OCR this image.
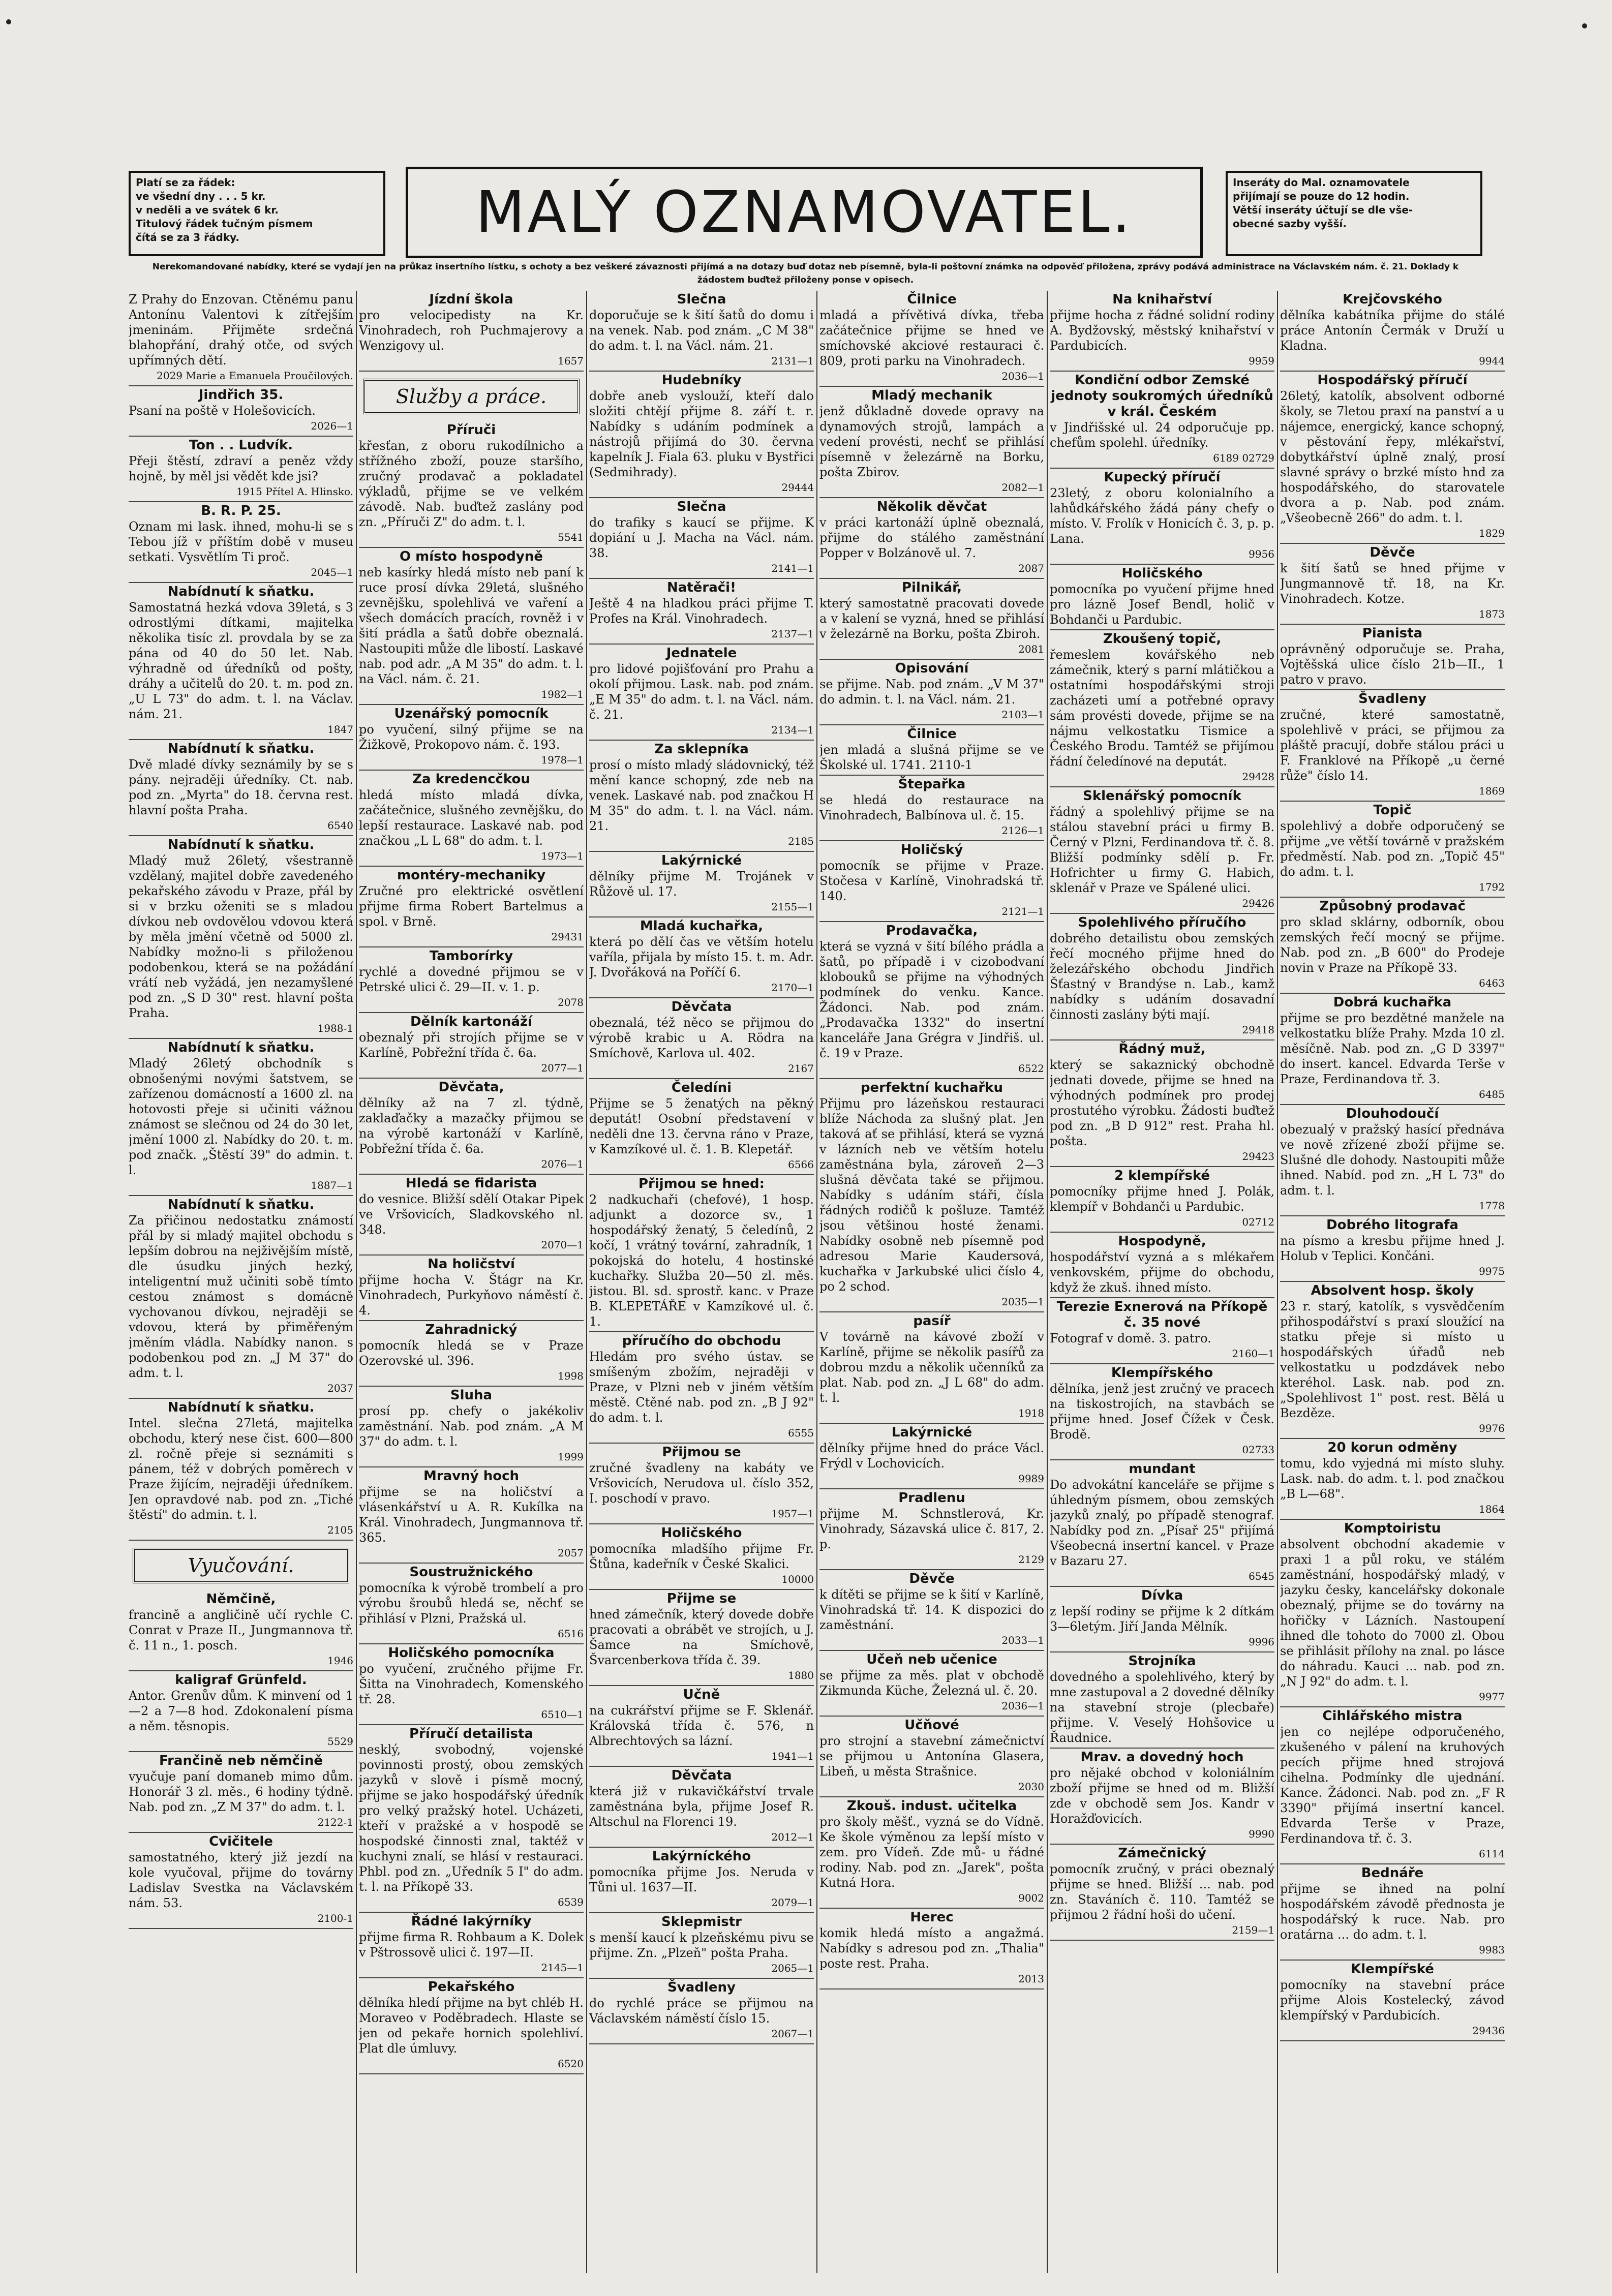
Platí se za řádek:
ve všední dny . . . 5 kr.
v neděli a ve svátek 6 kr.
Titulový řádek tučným písmem
čítá se za 3 řádky.	MALÝ OZNAMOVATEL.	Inseráty do Mal. oznamovatele
přijímají se pouze do 12 hodin.
Větší inseráty účtují se dle vše-
obecné sazby vyšší.
Nerekomandované nabídky, které se vydají jen na průkaz insertního lístku, s ochoty a bez veškeré závaznosti přijímá a na dotazy buď dotaz neb písemně, byla-li poštovní známka na odpověď přiložena, zprávy podává administrace na Václavském nám. č. 21. Doklady k žádostem buďtež přiloženy ponse v opisech.

Z Prahy do Enzovan. Ctěnému panu Antonínu Valentovi k zítřejším jmeninám. Přijměte srdečná blahopřání, drahý otče, od svých upřímných dětí.

2029 Marie a Emanuela Proučilových.

Jindřich 35.

Psaní na poště v Holešovicích.

2026—1

Ton . . Ludvík.

Přeji štěstí, zdraví a peněz vždy hojně, by měl jsi vědět kde jsi?

1915 Přítel A. Hlinsko.

B. R. P. 25.

Oznam mi lask. ihned, mohu-li se s Tebou jíž v příštím době v museu setkati. Vysvětlím Ti proč.

2045—1

Nabídnutí k sňatku.

Samostatná hezká vdova 39letá, s 3 odrostlými dítkami, majitelka několika tisíc zl. provdala by se za pána od 40 do 50 let. Nab. výhradně od úředníků od pošty, dráhy a učitelů do 20. t. m. pod zn. „U L 73" do adm. t. l. na Václav. nám. 21.

1847

Nabídnutí k sňatku.

Dvě mladé dívky seznámily by se s pány. nejraději úředníky. Ct. nab. pod zn. „Myrta" do 18. června rest. hlavní pošta Praha.

6540

Nabídnutí k sňatku.

Mladý muž 26letý, všestranně vzdělaný, majitel dobře zavedeného pekařského závodu v Praze, přál by si v brzku oženiti se s mladou dívkou neb ovdovělou vdovou která by měla jmění včetně od 5000 zl. Nabídky možno-li s přiloženou podobenkou, která se na požádání vrátí neb vyžádá, jen nezamyšlené pod zn. „S D 30" rest. hlavní pošta Praha.

1988-1

Nabídnutí k sňatku.

Mladý 26letý obchodník s obnošenými novými šatstvem, se zařízenou domácností a 1600 zl. na hotovosti přeje si učiniti vážnou známost se slečnou od 24 do 30 let, jmění 1000 zl. Nabídky do 20. t. m. pod značk. „Štěstí 39" do admin. t. l.

1887—1

Nabídnutí k sňatku.

Za přičinou nedostatku známostí přál by si mladý majitel obchodu s lepším dobrou na nejživějším místě, dle úsudku jiných hezký, inteligentní muž učiniti sobě tímto cestou známost s domácně vychovanou dívkou, nejraději se vdovou, která by přiměřeným jměním vládla. Nabídky nanon. s podobenkou pod zn. „J M 37" do adm. t. l.

2037

Nabídnutí k sňatku.

Intel. slečna 27letá, majitelka obchodu, který nese čist. 600—800 zl. ročně přeje si seznámiti s pánem, též v dobrých poměrech v Praze žijícím, nejraději úředníkem. Jen opravdové nab. pod zn. „Tiché štěstí" do admin. t. l.

2105

Vyučování.
Němčině,

francině a angličině učí rychle C. Conrat v Praze II., Jungmannova tř. č. 11 n., 1. posch.

1946

kaligraf Grünfeld.

Antor. Grenův dům. K minvení od 1—2 a 7—8 hod. Zdokonalení písma a něm. těsnopis.

5529

Frančině neb němčině

vyučuje paní domaneb mimo dům. Honorář 3 zl. měs., 6 hodiny týdně. Nab. pod zn. „Z M 37" do adm. t. l.

2122-1

Cvičitele

samostatného, který již jezdí na kole vyučoval, přijme do továrny Ladislav Svestka na Václavském nám. 53.

2100-1

Jízdní škola

pro velocipedisty na Kr. Vinohradech, roh Puchmajerovy a Wenzigovy ul.

1657

Služby a práce.
Příruči

křesťan, z oboru rukodílnicho a střížného zboží, pouze staršího, zručný prodavač a pokladatel výkladů, přijme se ve velkém závodě. Nab. buďtež zaslány pod zn. „Příruči Z" do adm. t. l.

5541

O místo hospodyně

neb kasírky hledá místo neb paní k ruce prosí dívka 29letá, slušného zevnějšku, spolehlivá ve vaření a všech domácích pracích, rovněž i v šití prádla a šatů dobře obeznalá. Nastoupiti může dle libostí. Laskavé nab. pod adr. „A M 35" do adm. t. l. na Václ. nám. č. 21.

1982—1

Uzenářský pomocník

po vyučení, silný přijme se na Žižkově, Prokopovo nám. č. 193.

1978—1

Za kredencčkou

hledá místo mladá dívka, začátečnice, slušného zevnějšku, do lepší restaurace. Laskavé nab. pod značkou „L L 68" do adm. t. l.

1973—1

montéry-mechaniky

Zručné pro elektrické osvětlení přijme firma Robert Bartelmus a spol. v Brně.

29431

Tamborírky

rychlé a dovedné přijmou se v Petrské ulici č. 29—II. v. 1. p.

2078

Dělník kartonáží

obeznalý při strojích přijme se v Karlíně, Pobřežní třída č. 6a.

2077—1

Děvčata,

dělníky až na 7 zl. týdně, zaklaďačky a mazačky přijmou se na výrobě kartonáží v Karlíně, Pobřežní třída č. 6a.

2076—1

Hledá se fidarista

do vesnice. Bližší sdělí Otakar Pipek ve Vršovicích, Sladkovského nl. 348.

2070—1

Na holičství

přijme hocha V. Štágr na Kr. Vinohradech, Purkyňovo náměstí č. 4.

Zahradnický

pomocník hledá se v Praze Ozerovské ul. 396.

1998

Sluha

prosí pp. chefy o jakékoliv zaměstnání. Nab. pod znám. „A M 37" do adm. t. l.

1999

Mravný hoch

přijme se na holičství a vlásenkářství u A. R. Kukílka na Král. Vinohradech, Jungmannova tř. 365.

2057

Soustružnického

pomocníka k výrobě trombelí a pro výrobu šroubů hledá se, něchť se přihlásí v Plzni, Pražská ul.

6516

Holičského pomocníka

po vyučení, zručného přijme Fr. Šitta na Vinohradech, Komenského tř. 28.

6510—1

Příručí detailista

nesklý, svobodný, vojenské povinnosti prostý, obou zemských jazyků v slově i písmě mocný, přijme se jako hospodářský úředník pro velký pražský hotel. Ucházeti, kteří v pražské a v hospodě se hospodské činnosti znal, taktéž v kuchyni znalí, se hlásí v restauraci. Phbl. pod zn. „Uředník 5 I" do adm. t. l. na Příkopě 33.

6539

Řádné lakýrníky

přijme firma R. Rohbaum a K. Dolek v Pštrossově ulici č. 197—II.

2145—1

Pekařského

dělníka hledí přijme na byt chléb H. Moraveo v Poděbradech. Hlaste se jen od pekaře hornich spolehliví. Plat dle úmluvy.

6520

Slečna

doporučuje se k šití šatů do domu i na venek. Nab. pod znám. „C M 38" do adm. t. l. na Václ. nám. 21.

2131—1

Hudebníky

dobře aneb vyslouží, kteří dalo složiti chtějí přijme 8. září t. r. Nabídky s udáním podmínek a nástrojů přijímá do 30. června kapelník J. Fiala 63. pluku v Bystřici (Sedmihrady).

29444

Slečna

do trafiky s kaucí se přijme. K dopiání u J. Macha na Václ. nám. 38.

2141—1

Natěrači!

Ještě 4 na hladkou práci přijme T. Profes na Král. Vinohradech.

2137—1

Jednatele

pro lidové pojišťování pro Prahu a okolí přijmou. Lask. nab. pod znám. „E M 35" do adm. t. l. na Václ. nám. č. 21.

2134—1

Za sklepníka

prosí o místo mladý sládovnický, též mění kance schopný, zde neb na venek. Laskavé nab. pod značkou H M 35" do adm. t. l. na Václ. nám. 21.

2185

Lakýrnické

dělníky přijme M. Trojánek v Růžově ul. 17.

2155—1

Mladá kuchařka,

která po dělí čas ve větším hotelu vaříla, přijala by místo 15. t. m. Adr. J. Dvořáková na Poříčí 6.

2170—1

Děvčata

obeznalá, též něco se přijmou do výrobě krabic u A. Rödra na Smíchově, Karlova ul. 402.

2167

Čeledíni

Přijme se 5 ženatých na pěkný deputát! Osobní představení v neděli dne 13. června ráno v Praze, v Kamzíkové ul. č. 1. B. Klepetář.

6566

Přijmou se hned:

2 nadkuchaři (chefové), 1 hosp. adjunkt a dozorce sv., 1 hospodářský ženatý, 5 čeledínů, 2 kočí, 1 vrátný tovární, zahradník, 1 pokojská do hotelu, 4 hostinské kuchařky. Služba 20—50 zl. měs. jistou. Bl. sd. sprostř. kanc. v Praze B. KLEPETÁŘE v Kamzíkové ul. č. 1.

příručího do obchodu

Hledám pro svého ústav. se smíšeným zbožím, nejraději v Praze, v Plzni neb v jiném větším městě. Ctěné nab. pod zn. „B J 92" do adm. t. l.

6555

Přijmou se

zručné švadleny na kabáty ve Vršovicích, Nerudova ul. číslo 352, I. poschodí v pravo.

1957—1

Holičského

pomocníka mladšího přijme Fr. Štůna, kadeřník v České Skalici.

10000

Přijme se

hned zámečník, který dovede dobře pracovati a obrábět ve strojích, u J. Šamce na Smíchově, Švarcenberkova třída č. 39.

1880

Učně

na cukrářství přijme se F. Sklenář. Královská třída č. 576, n Albrechtových sa lázní.

1941—1

Děvčata

která již v rukavičkářství trvale zaměstnána byla, přijme Josef R. Altschul na Florenci 19.

2012—1

Lakýrníckého

pomocníka přijme Jos. Neruda v Tůni ul. 1637—II.

2079—1

Sklepmistr

s menší kaucí k plzeňskému pivu se přijme. Zn. „Plzeň" pošta Praha.

2065—1

Švadleny

do rychlé práce se přijmou na Václavském náměstí číslo 15.

2067—1

Čilnice

mladá a přívětivá dívka, třeba začátečnice přijme se hned ve smíchovské akciové restauraci č. 809, proti parku na Vinohradech.

2036—1

Mladý mechanik

jenž důkladně dovede opravy na dynamových strojů, lampách a vedení provésti, nechť se přihlásí písemně v železárně na Borku, pošta Zbirov.

2082—1

Několik děvčat

v práci kartonáží úplně obeznalá, přijme do stálého zaměstnání Popper v Bolzánově ul. 7.

2087

Pilnikář,

který samostatně pracovati dovede a v kalení se vyzná, hned se přihlásí v železárně na Borku, pošta Zbiroh.

2081

Opisování

se přijme. Nab. pod znám. „V M 37" do admin. t. l. na Václ. nám. 21.

2103—1

Čilnice

jen mladá a slušná přijme se ve Školské ul. 1741. 2110-1

Štepařka

se hledá do restaurace na Vinohradech, Balbínova ul. č. 15.

2126—1

Holičský

pomocník se přijme v Praze. Stočesa v Karlíně, Vinohradská tř. 140.

2121—1

Prodavačka,

která se vyzná v šití bílého prádla a šatů, po případě i v cizobodvaní klobouků se přijme na výhodných podmínek do venku. Kance. Žádonci. Nab. pod znám. „Prodavačka 1332" do insertní kanceláře Jana Grégra v Jindřiš. ul. č. 19 v Praze.

6522

perfektní kuchařku

Přijmu pro lázeňskou restauraci blíže Náchoda za slušný plat. Jen taková ať se přihlásí, která se vyzná v lázních neb ve větším hotelu zaměstnána byla, zároveň 2—3 slušná děvčata také se přijmou. Nabídky s udáním stáři, čísla řádných rodičů k pošluze. Tamtéž jsou většinou hosté ženami. Nabídky osobně neb písemně pod adresou Marie Kaudersová, kuchařka v Jarkubské ulici číslo 4, po 2 schod.

2035—1

pasíř

V továrně na kávové zboží v Karlíně, přijme se několik pasířů za dobrou mzdu a několik učenníků za plat. Nab. pod zn. „J L 68" do adm. t. l.

1918

Lakýrnické

dělníky přijme hned do práce Václ. Frýdl v Lochovicích.

9989

Pradlenu

přijme M. Schnstlerová, Kr. Vinohrady, Sázavská ulice č. 817, 2. p.

2129

Děvče

k dítěti se přijme se k šití v Karlíně, Vinohradská tř. 14. K dispozici do zaměstnání.

2033—1

Učeň neb učenice

se přijme za měs. plat v obchodě Zikmunda Küche, Železná ul. č. 20.

2036—1

Učňové

pro strojní a stavební zámečnictví se přijmou u Antonína Glasera, Libeň, u města Strašnice.

2030

Zkouš. indust. učitelka

pro školy měšť., vyzná se do Vídně. Ke škole výměnou za lepší místo v zem. pro Vídeň. Zde mů- u řádné rodiny. Nab. pod zn. „Jarek", pošta Kutná Hora.

9002

Herec

komik hledá místo a angažmá. Nabídky s adresou pod zn. „Thalia" poste rest. Praha.

2013

Na knihařství

přijme hocha z řádné solidní rodiny A. Bydžovský, městský knihařství v Pardubicích.

9959

Kondiční odbor Zemské jednoty soukromých úředníků v král. Českém

v Jindřišské ul. 24 odporučuje pp. chefům spolehl. úředníky.

6189 02729

Kupecký příručí

23letý, z oboru kolonialního a lahůdkářského žádá pány chefy o místo. V. Frolík v Honicích č. 3, p. p. Lana.

9956

Holičského

pomocníka po vyučení přijme hned pro lázně Josef Bendl, holič v Bohdanči u Pardubic.

Zkoušený topič,

řemeslem kovářského neb zámečnik, který s parní mlátičkou a ostatními hospodářskými stroji zacházeti umí a potřebné opravy sám provésti dovede, přijme se na nájmu velkostatku Tismice a Českého Brodu. Tamtéž se přijímou řádní čeledínové na deputát.

29428

Sklenářský pomocník

řádný a spolehlivý přijme se na stálou stavební práci u firmy B. Černý v Plzni, Ferdinandova tř. č. 8. Bližší podmínky sdělí p. Fr. Hofrichter u firmy G. Habich, sklenář v Praze ve Spálené ulici.

29426

Spolehlivého příručího

dobrého detailistu obou zemských řečí mocného přijme hned do železářského obchodu Jindřich Šťastný v Brandýse n. Lab., kamž nabídky s udáním dosavadní činnosti zaslány býti mají.

29418

Řádný muž,

který se sakaznický obchodně jednati dovede, přijme se hned na výhodných podmínek pro prodej prostutého výrobku. Žádosti buďtež pod zn. „B D 912" rest. Praha hl. pošta.

29423

2 klempířské

pomocníky přijme hned J. Polák, klempíř v Bohdanči u Pardubic.

02712

Hospodyně,

hospodářství vyzná a s mlékařem venkovském, přijme do obchodu, když že zkuš. ihned místo.

Terezie Exnerová na Příkopě č. 35 nové

Fotograf v domě. 3. patro.

2160—1

Klempířského

dělníka, jenž jest zručný ve pracech na tiskostrojích, na stavbách se přijme hned. Josef Čížek v Česk. Brodě.

02733

mundant

Do advokátní kanceláře se přijme s úhledným písmem, obou zemských jazyků znalý, po případě stenograf. Nabídky pod zn. „Písař 25" přijímá Všeobecná insertní kancel. v Praze v Bazaru 27.

6545

Dívka

z lepší rodiny se přijme k 2 dítkám 3—6letým. Jiří Janda Mělník.

9996

Strojníka

dovedného a spolehlivého, který by mne zastupoval a 2 dovedné dělníky na stavební stroje (plecbaře) přijme. V. Veselý Hohšovice u Řaudnice.

Mrav. a dovedný hoch

pro nějaké obchod v koloniálním zboží přijme se hned od m. Bližší zde v obchodě sem Jos. Kandr v Horažďovicích.

9990

Zámečnický

pomocník zručný, v práci obeznalý přijme se hned. Bližší ... nab. pod zn. Staváních č. 110. Tamtéž se přijmou 2 řádní hoši do učení.

2159—1

Krejčovského

dělníka kabátníka přijme do stálé práce Antonín Čermák v Druží u Kladna.

9944

Hospodářský příručí

26letý, katolík, absolvent odborné školy, se 7letou praxí na panství a u nájemce, energický, kance schopný, v pěstování řepy, mlékařství, dobytkářství úplně znalý, prosí slavné správy o brzké místo hnd za hospodářského, do starovatele dvora a p. Nab. pod znám. „Všeobecně 266" do adm. t. l.

1829

Děvče

k šití šatů se hned přijme v Jungmannově tř. 18, na Kr. Vinohradech. Kotze.

1873

Pianista

oprávněný odporučuje se. Praha, Vojtěšská ulice číslo 21b—II., 1 patro v pravo.

Švadleny

zručné, které samostatně, spolehlivě v práci, se přijmou za pláště pracují, dobře stálou práci u F. Franklové na Příkopě „u černé růže" číslo 14.

1869

Topič

spolehlivý a dobře odporučený se přijme „ve větší továrně v pražském předměstí. Nab. pod zn. „Topič 45" do adm. t. l.

1792

Způsobný prodavač

pro sklad sklárny, odborník, obou zemských řečí mocný se přijme. Nab. pod zn. „B 600" do Prodeje novin v Praze na Příkopě 33.

6463

Dobrá kuchařka

přijme se pro bezdětné manžele na velkostatku blíže Prahy. Mzda 10 zl. měsíčně. Nab. pod zn. „G D 3397" do insert. kancel. Edvarda Terše v Praze, Ferdinandova tř. 3.

6485

Dlouhodoučí

obezualý v pražský hasící přednáva ve nově zřízené zboží přijme se. Slušné dle dohody. Nastoupiti může ihned. Nabíd. pod zn. „H L 73" do adm. t. l.

1778

Dobrého litografa

na písmo a kresbu přijme hned J. Holub v Teplici. Končáni.

9975

Absolvent hosp. školy

23 r. starý, katolík, s vysvědčením přihospodářství s praxí sloužící na statku přeje si místo u hospodářských úřadů neb velkostatku u podzdávek nebo kteréhol. Lask. nab. pod zn. „Spolehlivost 1" post. rest. Bělá u Bezděze.

9976

20 korun odměny

tomu, kdo vyjedná mi místo sluhy. Lask. nab. do adm. t. l. pod značkou „B L—68".

1864

Komptoiristu

absolvent obchodní akademie v praxi 1 a půl roku, ve stálém zaměstnání, hospodářský mladý, v jazyku česky, kancelářsky dokonale obeznalý, přijme se do továrny na hořičky v Lázních. Nastoupení ihned dle tohoto do 7000 zl. Obou se přihlásit přílohy na znal. po lásce do náhradu. Kauci ... nab. pod zn. „N J 92" do adm. t. l.

9977

Cihlářského mistra

jen co nejlépe odporučeného, zkušeného v pálení na kruhových pecích přijme hned strojová cihelna. Podmínky dle ujednání. Kance. Žádonci. Nab. pod zn. „F R 3390" přijímá insertní kancel. Edvarda Terše v Praze, Ferdinandova tř. č. 3.

6114

Bednáře

přijme se ihned na polní hospodářském závodě přednosta je hospodářský k ruce. Nab. pro oratárna ... do adm. t. l.

9983

Klempířské

pomocníky na stavební práce přijme Alois Kostelecký, závod klempířský v Pardubicích.

29436
